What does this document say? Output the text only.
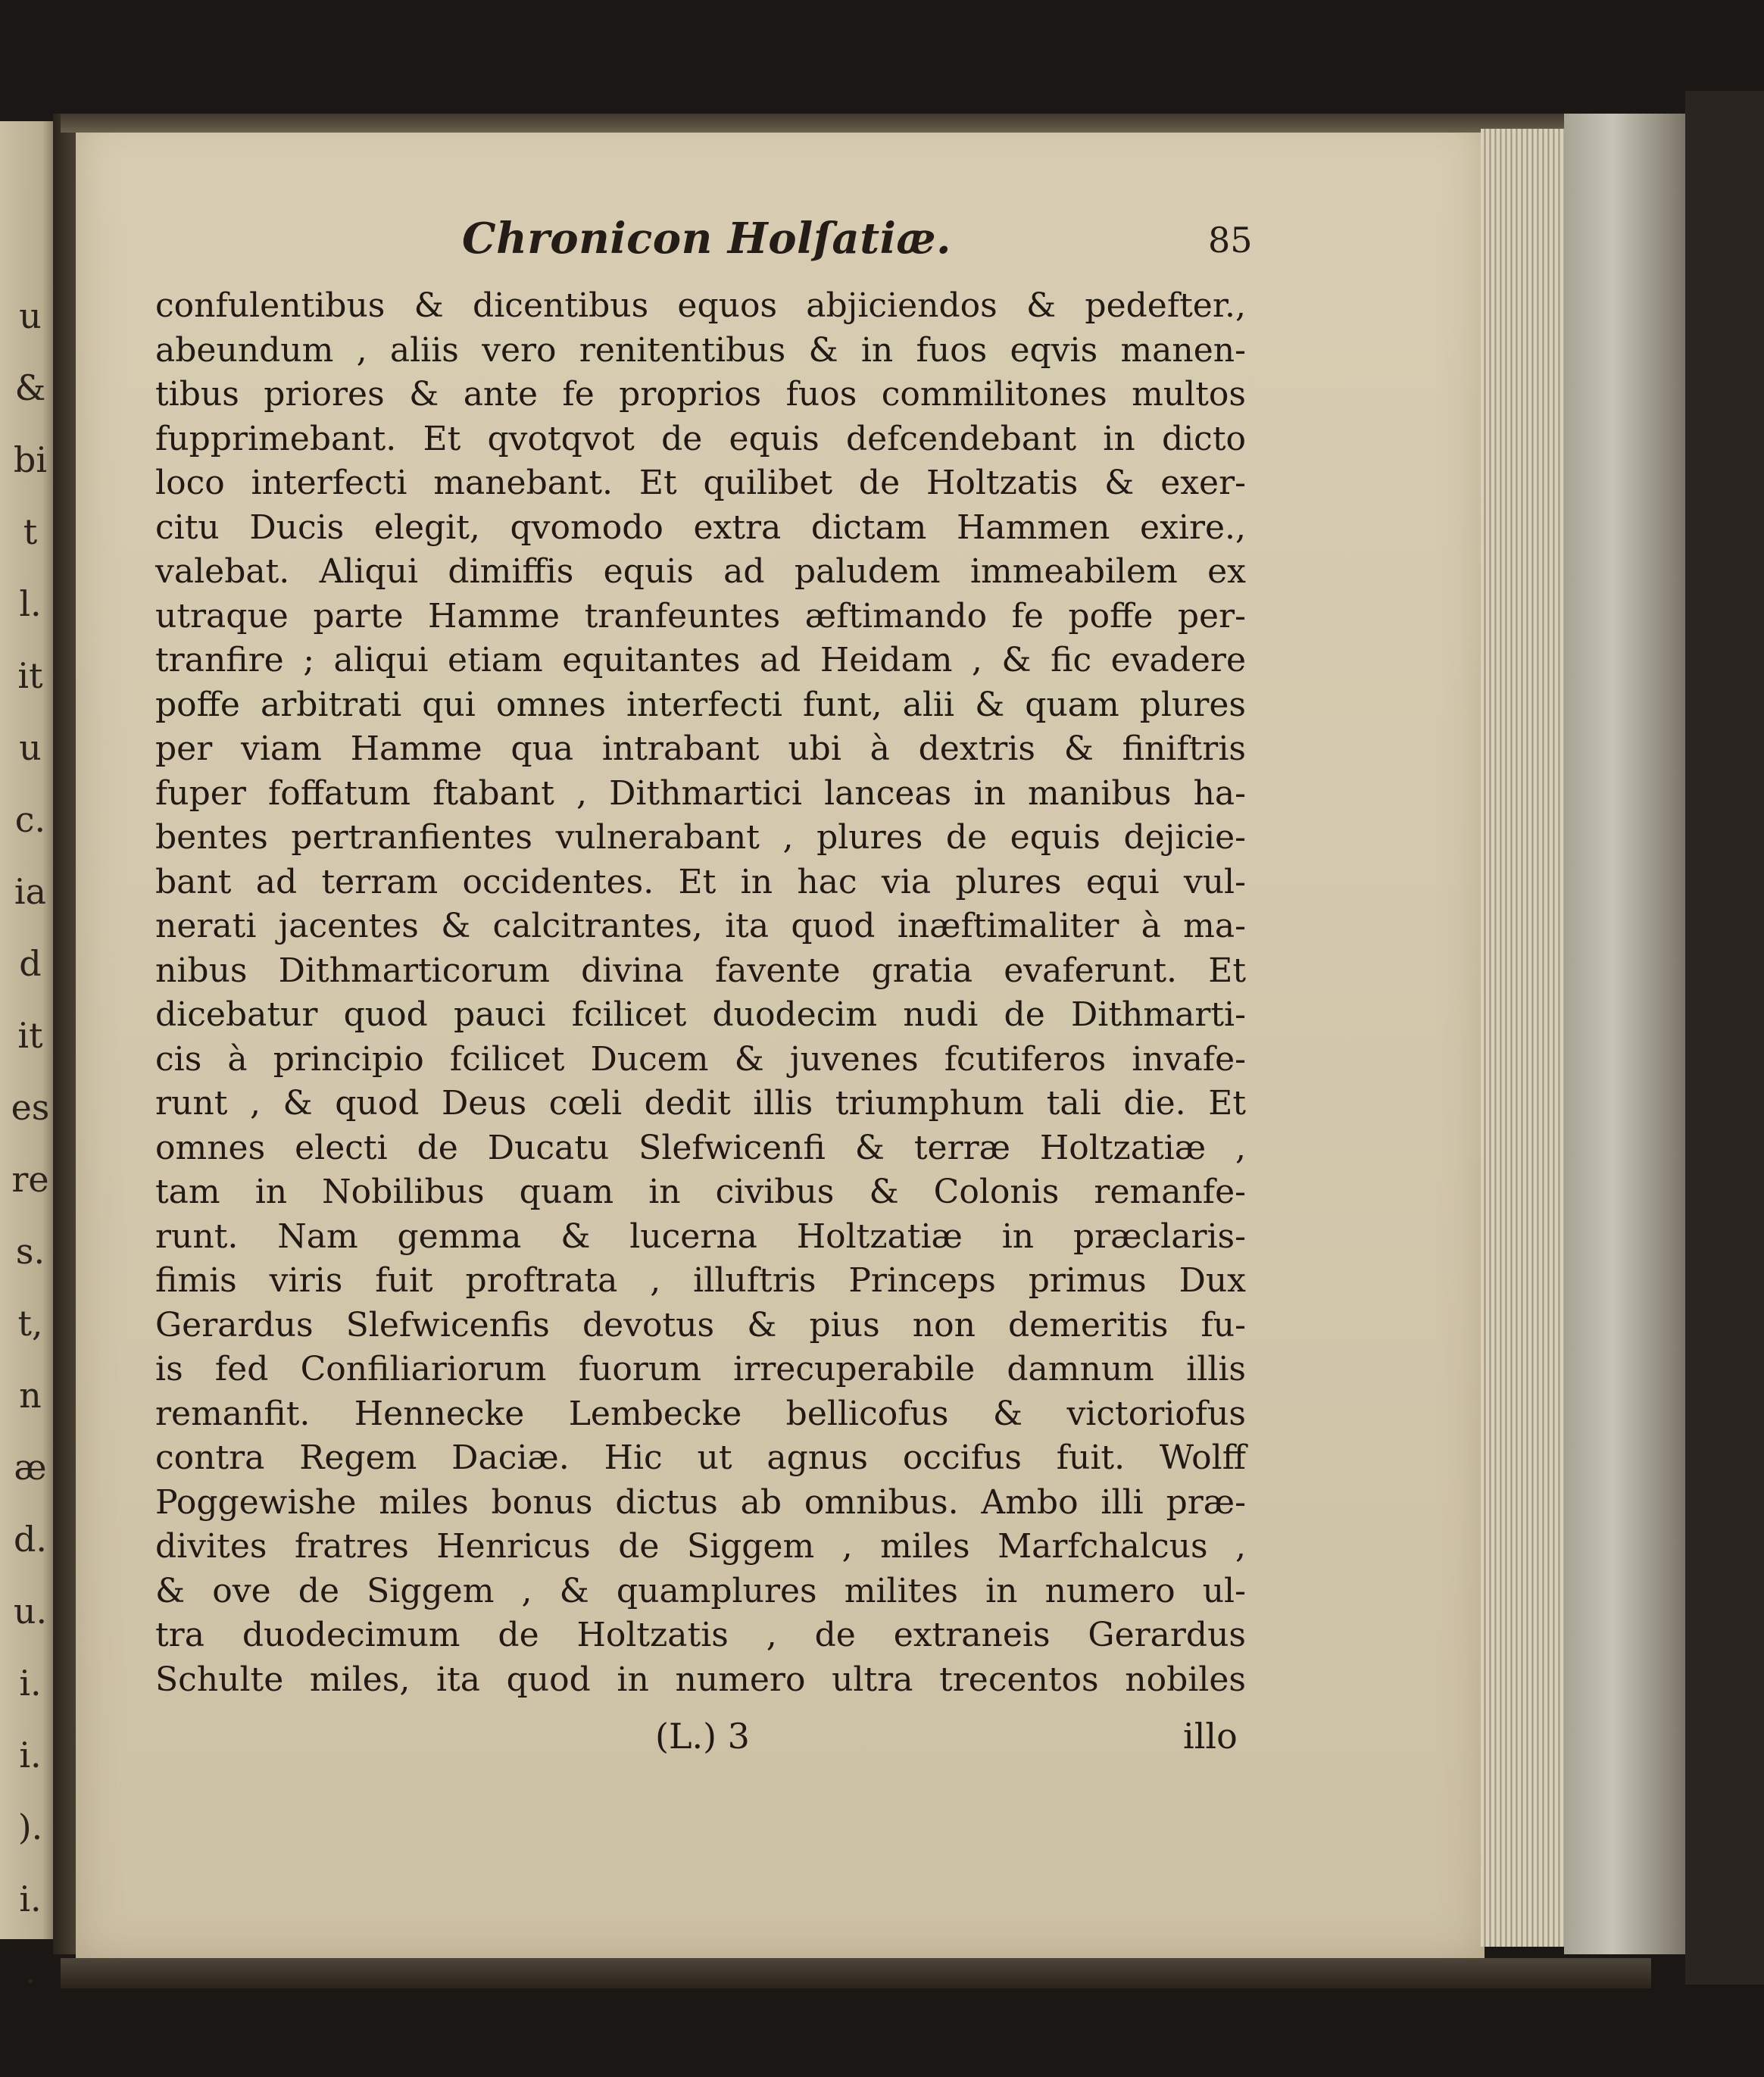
u
&
bi
t
l.
it
u
c.
ia
d
it
es
re
s.
t,
n
æ
d.
u.
i.
i.
).
i.
.
Chronicon Holſatiæ.	85
confulentibus & dicentibus equos abjiciendos & pedefter.,
abeundum , aliis vero renitentibus & in fuos eqvis manen-
tibus priores & ante fe proprios fuos commilitones multos
fupprimebant. Et qvotqvot de equis defcendebant in dicto
loco interfecti manebant. Et quilibet de Holtzatis & exer-
citu Ducis elegit, qvomodo extra dictam Hammen exire.,
valebat. Aliqui dimiffis equis ad paludem immeabilem ex
utraque parte Hamme tranfeuntes æftimando fe poffe per-
tranfire ; aliqui etiam equitantes ad Heidam , & fic evadere
poffe arbitrati qui omnes interfecti funt, alii & quam plures
per viam Hamme qua intrabant ubi à dextris & finiftris
fuper foffatum ftabant , Dithmartici lanceas in manibus ha-
bentes pertranfientes vulnerabant , plures de equis dejicie-
bant ad terram occidentes. Et in hac via plures equi vul-
nerati jacentes & calcitrantes, ita quod inæftimaliter à ma-
nibus Dithmarticorum divina favente gratia evaferunt. Et
dicebatur quod pauci fcilicet duodecim nudi de Dithmarti-
cis à principio fcilicet Ducem & juvenes fcutiferos invafe-
runt , & quod Deus cœli dedit illis triumphum tali die. Et
omnes electi de Ducatu Slefwicenfi & terræ Holtzatiæ ,
tam in Nobilibus quam in civibus & Colonis remanfe-
runt. Nam gemma & lucerna Holtzatiæ in præclaris-
fimis viris fuit proftrata , illuftris Princeps primus Dux
Gerardus Slefwicenfis devotus & pius non demeritis fu-
is fed Confiliariorum fuorum irrecuperabile damnum illis
remanfit. Hennecke Lembecke bellicofus & victoriofus
contra Regem Daciæ. Hic ut agnus occifus fuit. Wolff
Poggewishe miles bonus dictus ab omnibus. Ambo illi præ-
divites fratres Henricus de Siggem , miles Marfchalcus ,
& ove de Siggem , & quamplures milites in numero ul-
tra duodecimum de Holtzatis , de extraneis Gerardus
Schulte miles, ita quod in numero ultra trecentos nobiles
(L.) 3	illo
